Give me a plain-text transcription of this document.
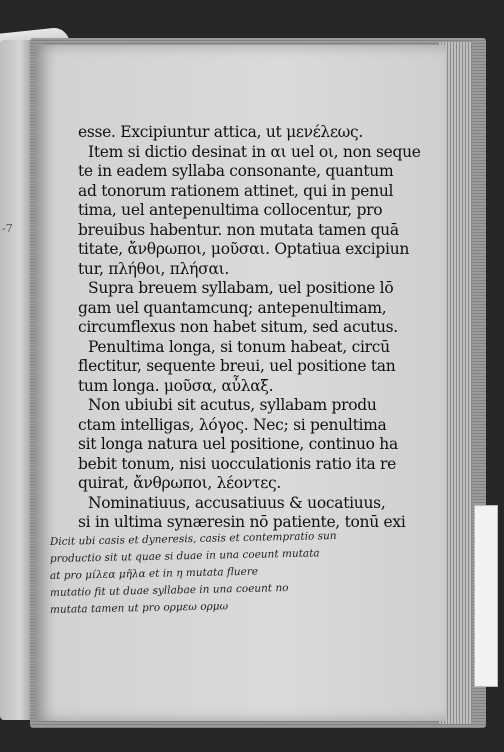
-7
esse. Excipiuntur attica, ut μενέλεως.
Item si dictio desinat in αι uel οι, non seque
te in eadem syllaba consonante, quantum
ad tonorum rationem attinet, qui in penul
tima, uel antepenultima collocentur, pro
breuibus habentur. non mutata tamen quā
titate, ἄνθρωποι, μοῦσαι. Optatiua excipiun
tur, πλήθοι, πλήσαι.
Supra breuem syllabam, uel positione lō
gam uel quantamcunq; antepenultimam,
circumflexus non habet situm, sed acutus.
Penultima longa, si tonum habeat, circū
flectitur, sequente breui, uel positione tan
tum longa. μοῦσα, αὖλαξ.
Non ubiubi sit acutus, syllabam produ
ctam intelligas, λόγος. Nec; si penultima
sit longa natura uel positione, continuo ha
bebit tonum, nisi uocculationis ratio ita re
quirat, ἄνθρωποι, λέοντες.
Nominatiuus, accusatiuus & uocatiuus,
si in ultima synæresin nō patiente, tonū exi
Dicit ubi casis et dyneresis, casis et contempratio sun
productio sit ut quae si duae in una coeunt mutata
at pro μίλεα μῆλα et in η mutata fluere
mutatio fit ut duae syllabae in una coeunt no
mutata tamen ut pro ορμεω ορμω
